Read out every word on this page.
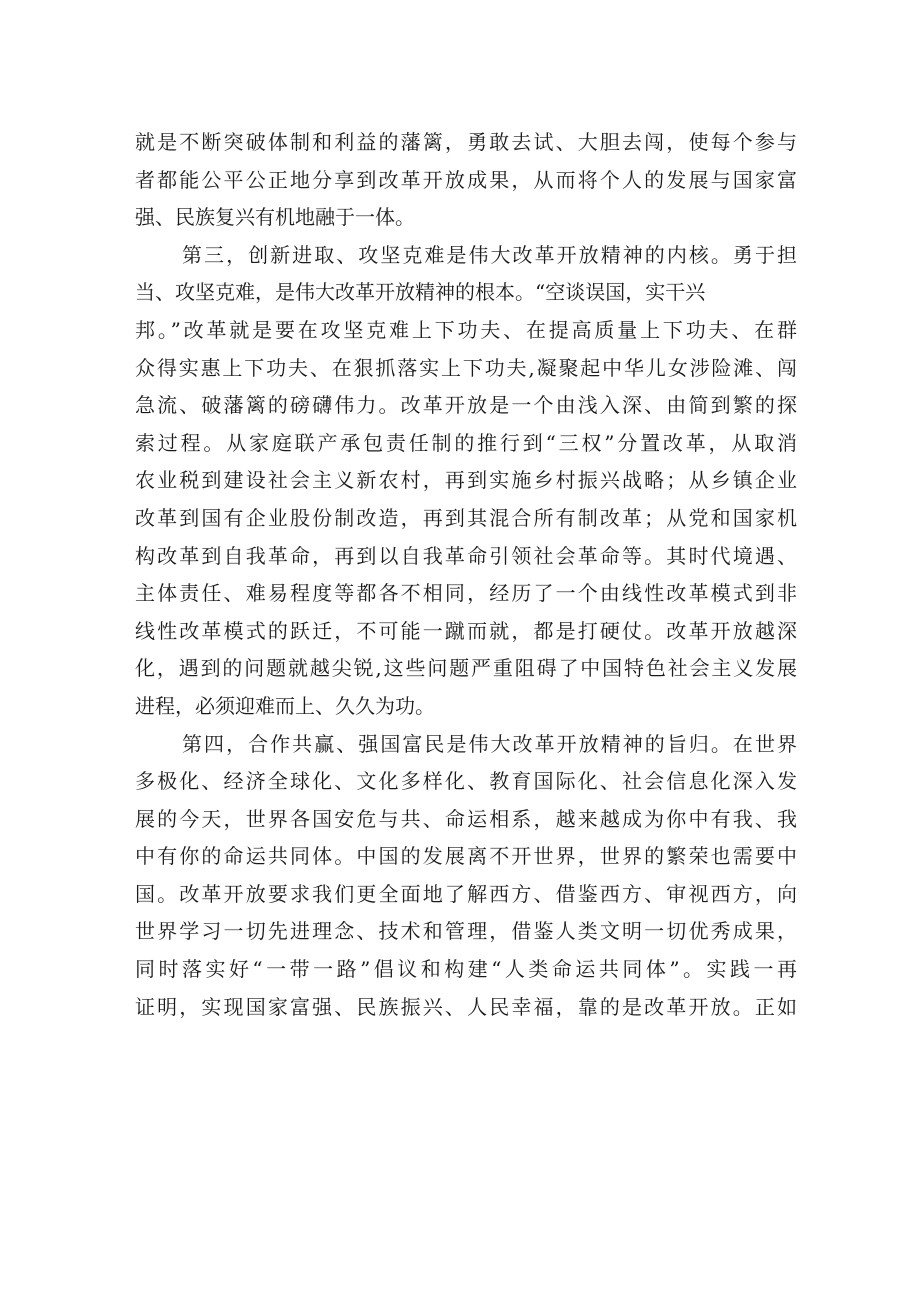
就是不断突破体制和利益的藩篱，勇敢去试、大胆去闯，使每个参与
者都能公平公正地分享到改革开放成果，从而将个人的发展与国家富
强、民族复兴有机地融于一体。
第三，创新进取、攻坚克难是伟大改革开放精神的内核。勇于担
当、攻坚克难，是伟大改革开放精神的根本。“空谈误国，实干兴
邦。”改革就是要在攻坚克难上下功夫、在提高质量上下功夫、在群
众得实惠上下功夫、在狠抓落实上下功夫,凝聚起中华儿女涉险滩、闯
急流、破藩篱的磅礴伟力。改革开放是一个由浅入深、由简到繁的探
索过程。从家庭联产承包责任制的推行到“三权”分置改革，从取消
农业税到建设社会主义新农村，再到实施乡村振兴战略；从乡镇企业
改革到国有企业股份制改造，再到其混合所有制改革；从党和国家机
构改革到自我革命，再到以自我革命引领社会革命等。其时代境遇、
主体责任、难易程度等都各不相同，经历了一个由线性改革模式到非
线性改革模式的跃迁，不可能一蹴而就，都是打硬仗。改革开放越深
化，遇到的问题就越尖锐,这些问题严重阻碍了中国特色社会主义发展
进程，必须迎难而上、久久为功。
第四，合作共赢、强国富民是伟大改革开放精神的旨归。在世界
多极化、经济全球化、文化多样化、教育国际化、社会信息化深入发
展的今天，世界各国安危与共、命运相系，越来越成为你中有我、我
中有你的命运共同体。中国的发展离不开世界，世界的繁荣也需要中
国。改革开放要求我们更全面地了解西方、借鉴西方、审视西方，向
世界学习一切先进理念、技术和管理，借鉴人类文明一切优秀成果，
同时落实好“一带一路”倡议和构建“人类命运共同体”。实践一再
证明，实现国家富强、民族振兴、人民幸福，靠的是改革开放。正如
